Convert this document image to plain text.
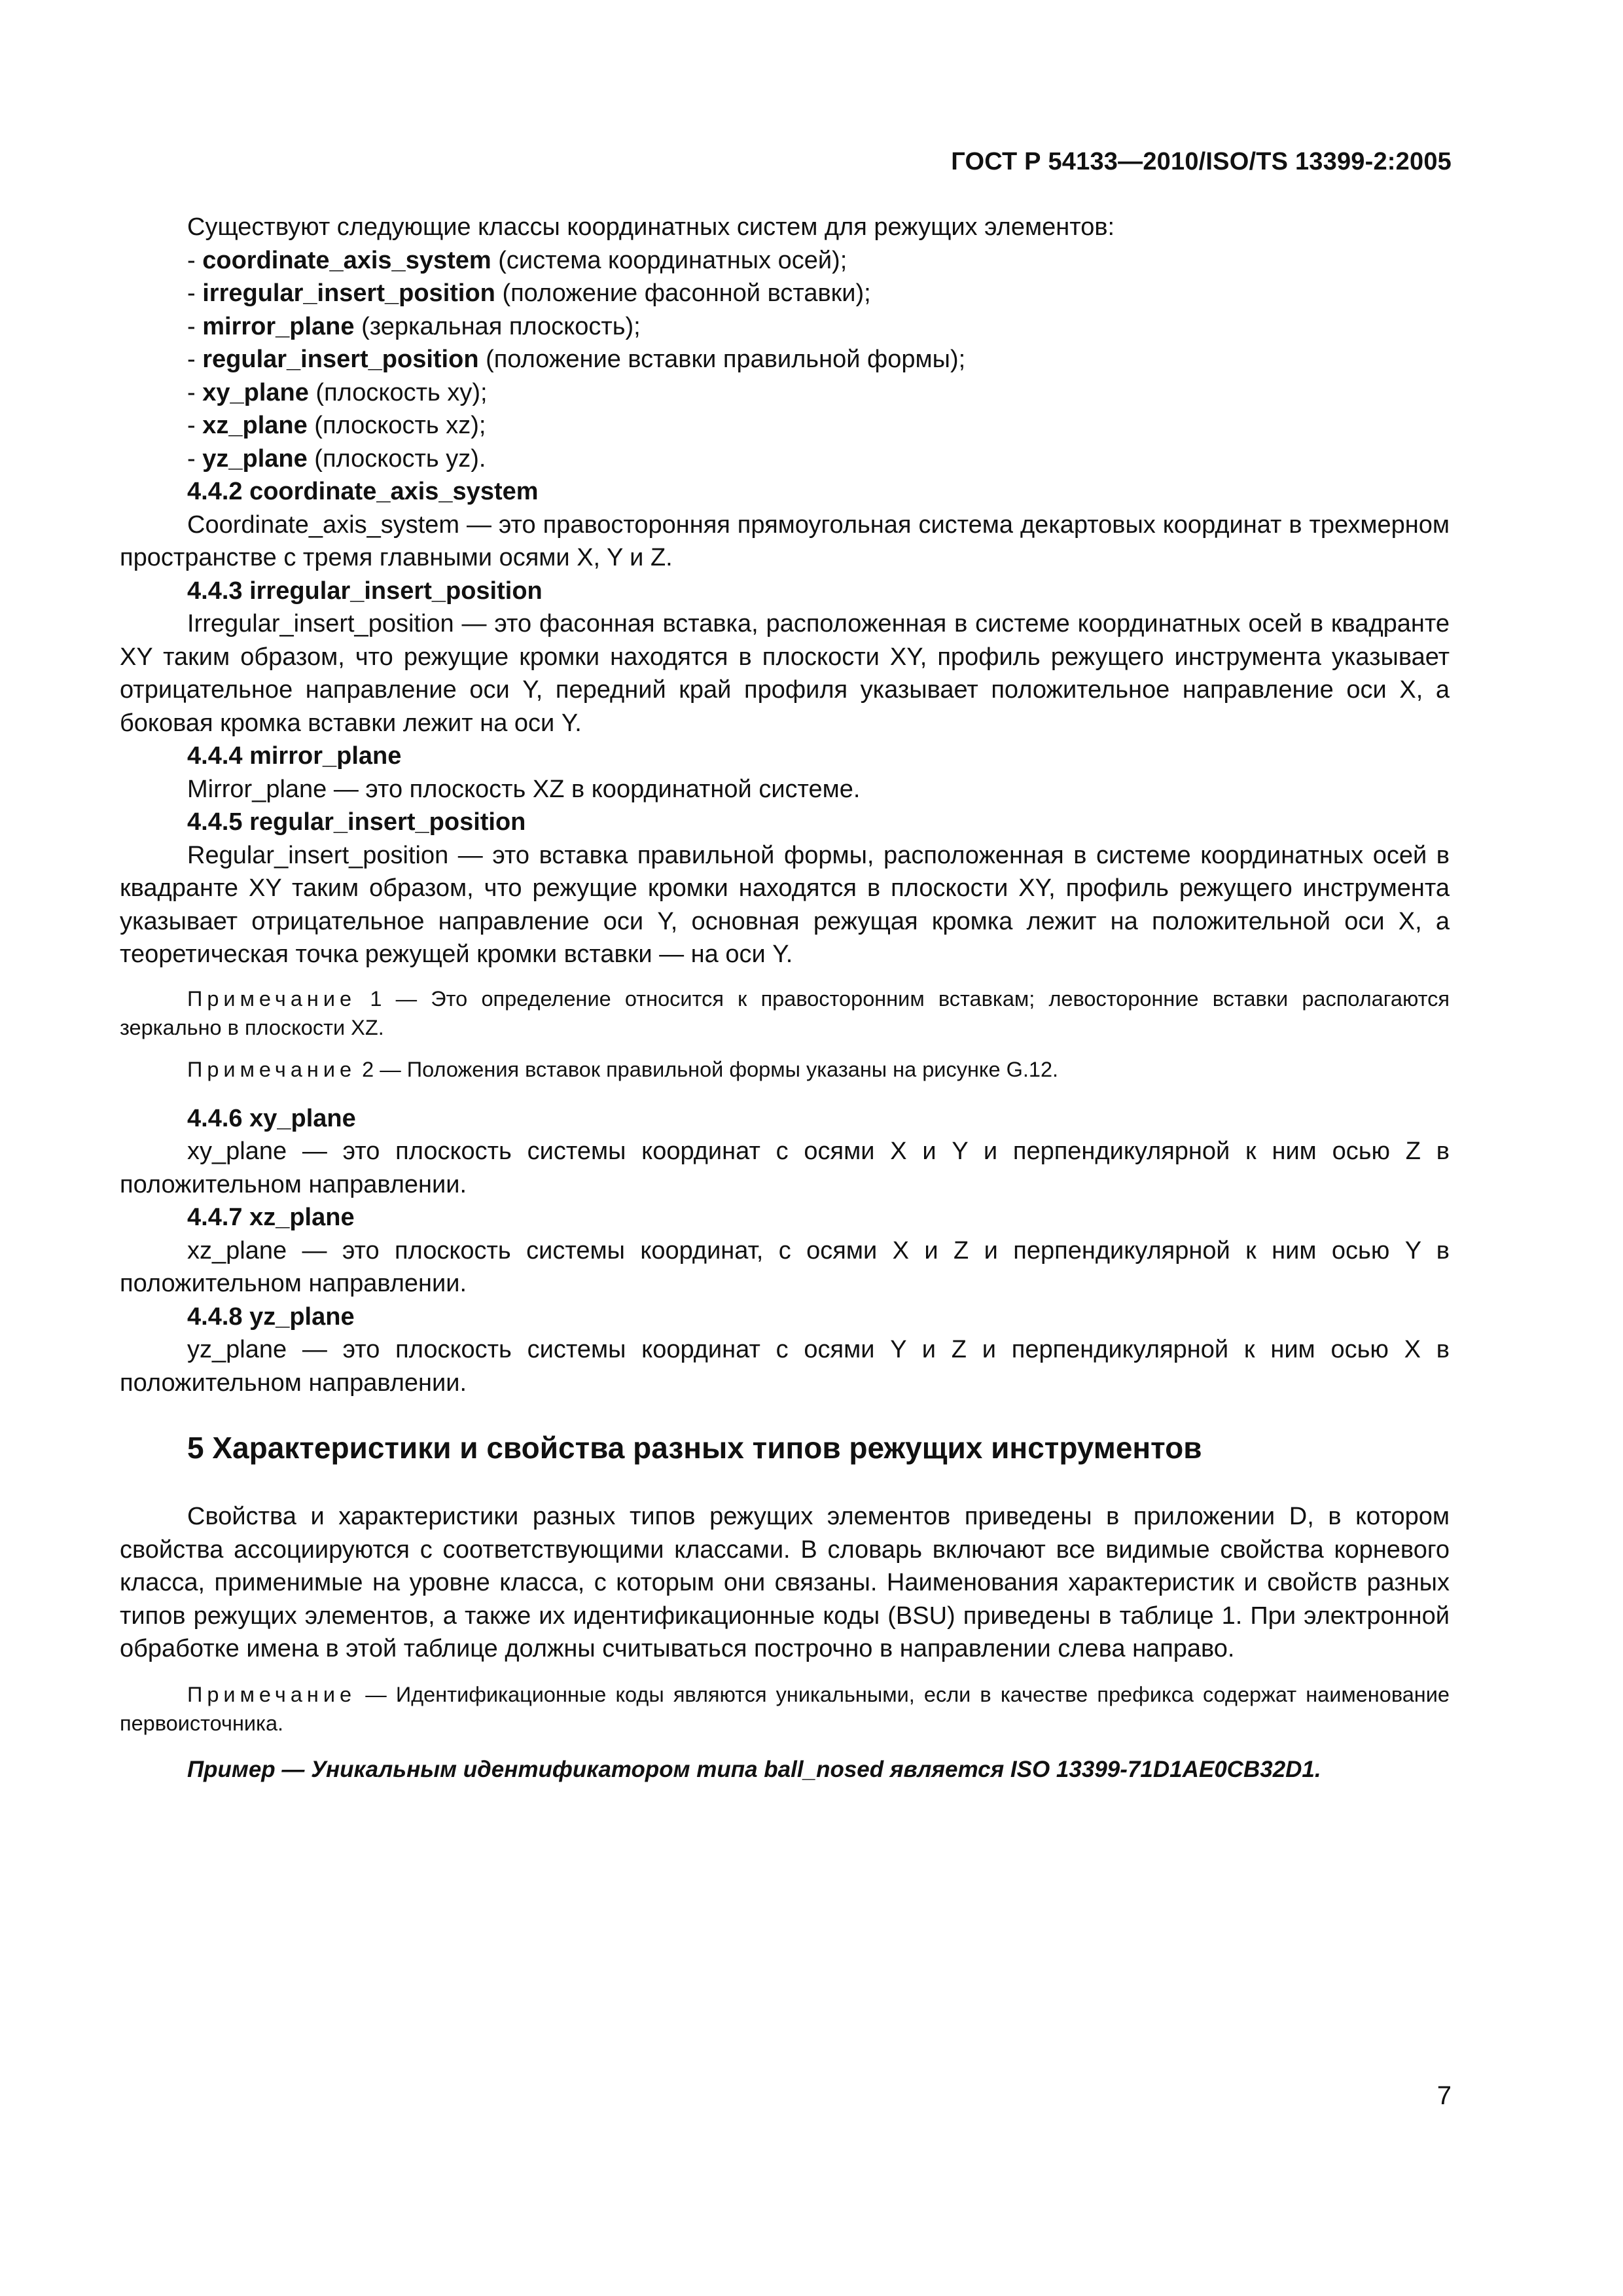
ГОСТ Р 54133—2010/ISO/TS 13399-2:2005

Существуют следующие классы координатных систем для режущих элементов:

- coordinate_axis_system (система координатных осей);
- irregular_insert_position (положение фасонной вставки);
- mirror_plane (зеркальная плоскость);
- regular_insert_position (положение вставки правильной формы);
- xy_plane (плоскость xy);
- xz_plane (плоскость xz);
- yz_plane (плоскость yz).
4.4.2 coordinate_axis_system

Coordinate_axis_system — это правосторонняя прямоугольная система декартовых координат в трехмерном пространстве с тремя главными осями X, Y и Z.

4.4.3 irregular_insert_position

Irregular_insert_position — это фасонная вставка, расположенная в системе координатных осей в квадранте XY таким образом, что режущие кромки находятся в плоскости XY, профиль режущего инструмента указывает отрицательное направление оси Y, передний край профиля указывает положительное направление оси X, а боковая кромка вставки лежит на оси Y.

4.4.4 mirror_plane

Mirror_plane — это плоскость XZ в координатной системе.

4.4.5 regular_insert_position

Regular_insert_position — это вставка правильной формы, расположенная в системе координатных осей в квадранте XY таким образом, что режущие кромки находятся в плоскости XY, профиль режущего инструмента указывает отрицательное направление оси Y, основная режущая кромка лежит на положительной оси X, а теоретическая точка режущей кромки вставки — на оси Y.

Примечание 1 — Это определение относится к правосторонним вставкам; левосторонние вставки располагаются зеркально в плоскости XZ.

Примечание 2 — Положения вставок правильной формы указаны на рисунке G.12.

4.4.6 xy_plane

xy_plane — это плоскость системы координат с осями X и Y и перпендикулярной к ним осью Z в положительном направлении.

4.4.7 xz_plane

xz_plane — это плоскость системы координат, с осями X и Z и перпендикулярной к ним осью Y в положительном направлении.

4.4.8 yz_plane

yz_plane — это плоскость системы координат с осями Y и Z и перпендикулярной к ним осью X в положительном направлении.

5 Характеристики и свойства разных типов режущих инструментов

Свойства и характеристики разных типов режущих элементов приведены в приложении D, в котором свойства ассоциируются с соответствующими классами. В словарь включают все видимые свойства корневого класса, применимые на уровне класса, с которым они связаны. Наименования характеристик и свойств разных типов режущих элементов, а также их идентификационные коды (BSU) приведены в таблице 1. При электронной обработке имена в этой таблице должны считываться построчно в направлении слева направо.

Примечание — Идентификационные коды являются уникальными, если в качестве префикса содержат наименование первоисточника.

Пример — Уникальным идентификатором типа ball_nosed является ISO 13399-71D1AE0CB32D1.

7
